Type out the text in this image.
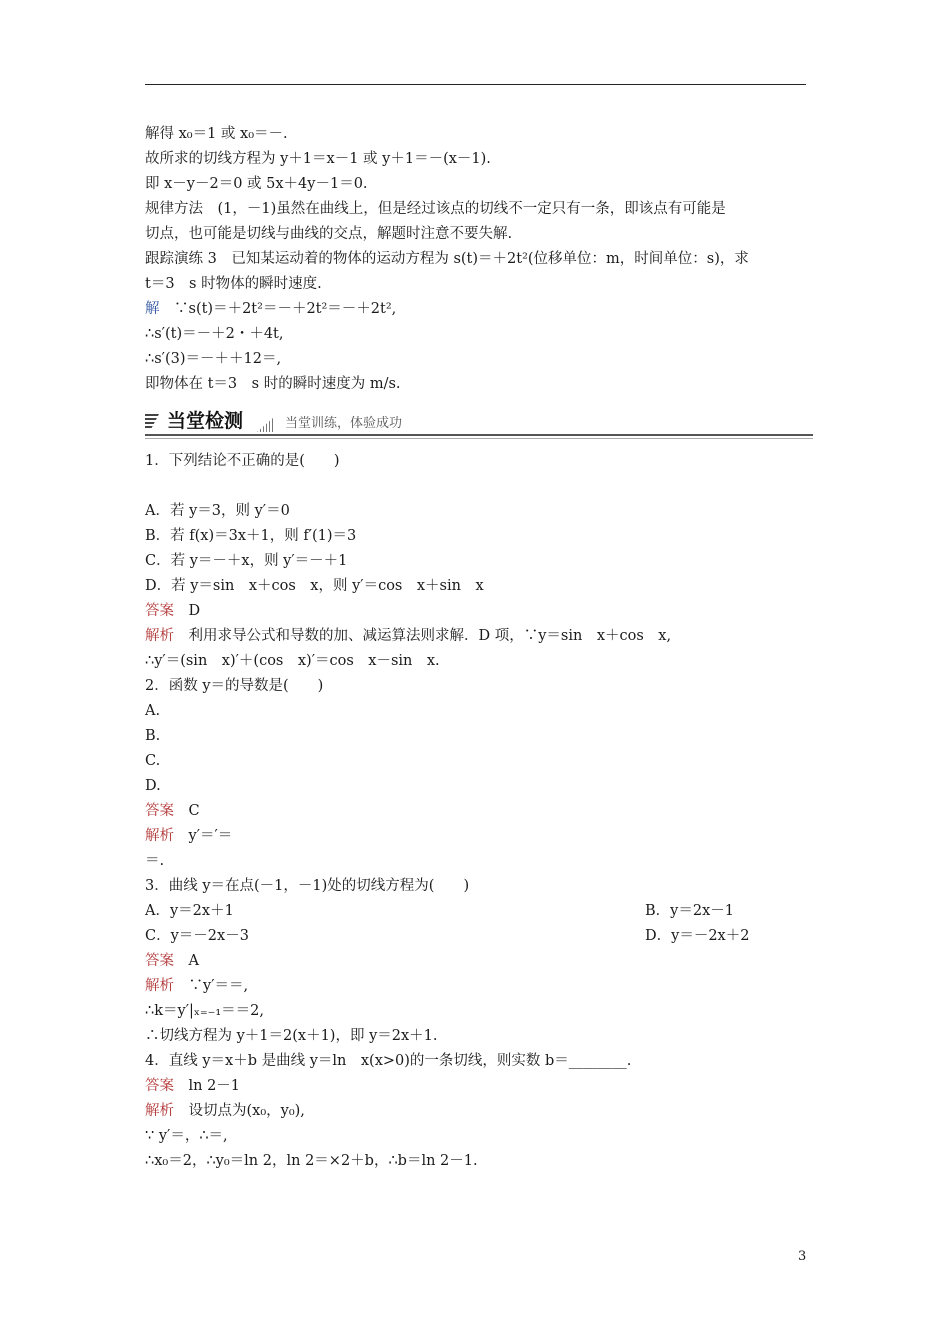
解得 x₀＝1 或 x₀＝－.
故所求的切线方程为 y＋1＝x－1 或 y＋1＝－(x－1).
即 x－y－2＝0 或 5x＋4y－1＝0.
规律方法　(1，－1)虽然在曲线上，但是经过该点的切线不一定只有一条，即该点有可能是
切点，也可能是切线与曲线的交点，解题时注意不要失解.
跟踪演练 3　已知某运动着的物体的运动方程为 s(t)＝＋2t²(位移单位：m，时间单位：s)，求
t＝3　s 时物体的瞬时速度.
解　∵s(t)＝＋2t²＝－＋2t²＝－＋2t²,
∴s′(t)＝－＋2・＋4t,
∴s′(3)＝－＋＋12＝,
即物体在 t＝3　s 时的瞬时速度为 m/s.
1．下列结论不正确的是(　　)
A．若 y＝3，则 y′＝0
B．若 f(x)＝3x＋1，则 f′(1)＝3
C．若 y＝－＋x，则 y′＝－＋1
D．若 y＝sin　x＋cos　x，则 y′＝cos　x＋sin　x
答案　D
解析　利用求导公式和导数的加、减运算法则求解．D 项，∵y＝sin　x＋cos　x,
∴y′＝(sin　x)′＋(cos　x)′＝cos　x－sin　x.
2．函数 y＝的导数是(　　)
A.
B.
C.
D.
答案　C
解析　y′＝′＝
＝.
3．曲线 y＝在点(－1，－1)处的切线方程为(　　)
A．y＝2x＋1	B．y＝2x－1
C．y＝－2x－3	D．y＝－2x＋2
答案　A
解析　∵y′＝＝,
∴k＝y′|ₓ₌₋₁＝＝2,
∴切线方程为 y＋1＝2(x＋1)，即 y＝2x＋1.
4．直线 y＝x＋b 是曲线 y＝ln　x(x>0)的一条切线，则实数 b＝________.
答案　ln 2－1
解析　设切点为(x₀，y₀),
∵ y′＝，∴＝,
∴x₀＝2，∴y₀＝ln 2，ln 2＝×2＋b，∴b＝ln 2－1.
当堂检测	当堂训练，体验成功
3
